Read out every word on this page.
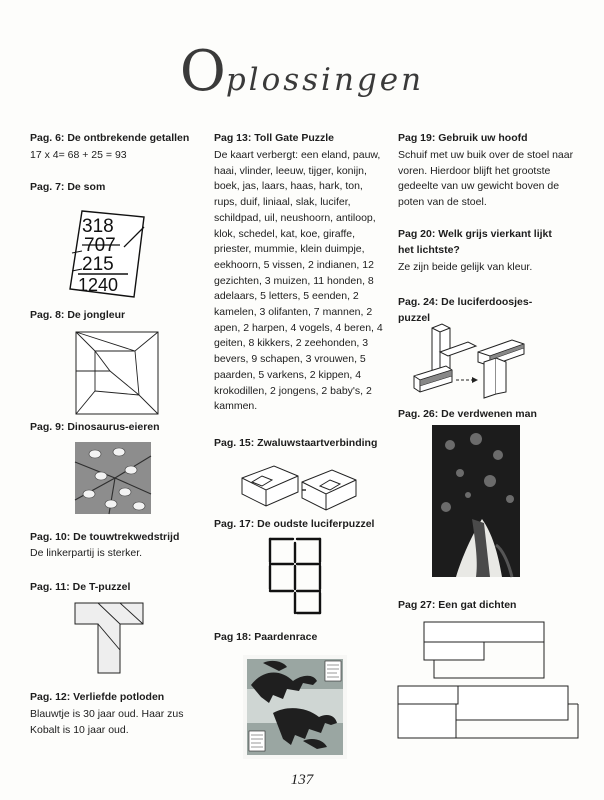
Oplossingen
Pag. 6: De ontbrekende getallen
17 x 4= 68 + 25 = 93
Pag. 7: De som
318
707
215
1240
Pag. 8: De jongleur
Pag. 9: Dinosaurus-eieren
Pag. 10: De touwtrekwedstrijd
De linkerpartij is sterker.
Pag. 11: De T-puzzel
Pag. 12: Verliefde potloden
Blauwtje is 30 jaar oud. Haar zus Kobalt is 10 jaar oud.
Pag 13: Toll Gate Puzzle
De kaart verbergt: een eland, pauw, haai, vlinder, leeuw, tijger, konijn, boek, jas, laars, haas, hark, ton, rups, duif, liniaal, slak, lucifer, schildpad, uil, neushoorn, antiloop, klok, schedel, kat, koe, giraffe, priester, mummie, klein duimpje, eekhoorn, 5 vissen, 2 indianen, 12 gezichten, 3 muizen, 11 honden, 8 adelaars, 5 letters, 5 eenden, 2 kamelen, 3 olifanten, 7 mannen, 2 apen, 2 harpen, 4 vogels, 4 beren, 4 geiten, 8 kikkers, 2 zeehonden, 3 bevers, 9 schapen, 3 vrouwen, 5 paarden, 5 varkens, 2 kippen, 4 krokodillen, 2 jongens, 2 baby's, 2 kammen.
Pag. 15: Zwaluwstaartverbinding
Pag. 17: De oudste luciferpuzzel
Pag 18: Paardenrace
Pag 19: Gebruik uw hoofd
Schuif met uw buik over de stoel naar voren. Hierdoor blijft het grootste gedeelte van uw gewicht boven de poten van de stoel.
Pag 20: Welk grijs vierkant lijkt
het lichtste?
Ze zijn beide gelijk van kleur.
Pag. 24: De luciferdoosjes-
puzzel
Pag. 26: De verdwenen man
Pag 27: Een gat dichten
137
